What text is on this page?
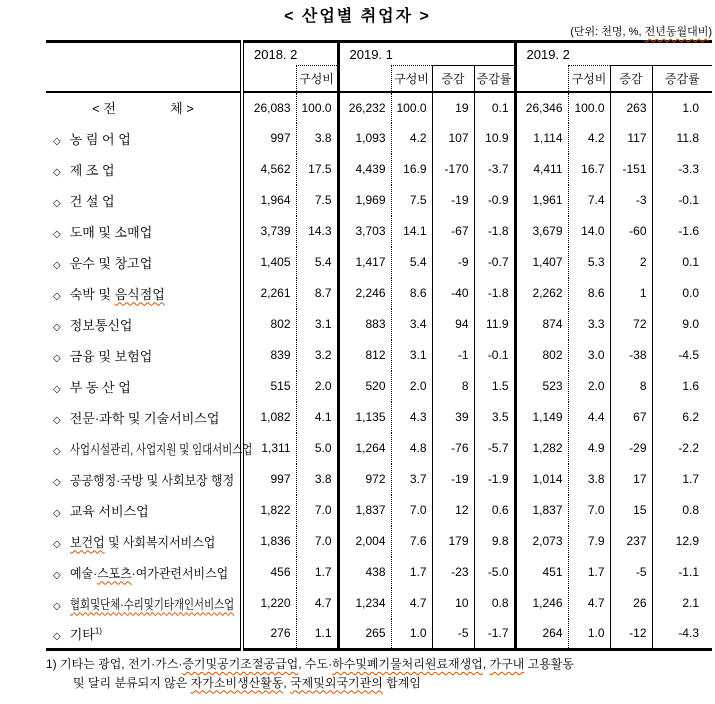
< 산업별 취업자 >
(단위: 천명, %, 전년동월대비)
	2018. 2		2019. 1				2019. 2			
		구성비		구성비	증감	증감률		구성비	증감	증감률
< 전               체 >	26,083	100.0	26,232	100.0	19	0.1	26,346	100.0	263	1.0
◇ 농 림 어 업	997	3.8	1,093	4.2	107	10.9	1,114	4.2	117	11.8
◇ 제 조 업	4,562	17.5	4,439	16.9	-170	-3.7	4,411	16.7	-151	-3.3
◇ 건 설 업	1,964	7.5	1,969	7.5	-19	-0.9	1,961	7.4	-3	-0.1
◇ 도매 및 소매업	3,739	14.3	3,703	14.1	-67	-1.8	3,679	14.0	-60	-1.6
◇ 운수 및 창고업	1,405	5.4	1,417	5.4	-9	-0.7	1,407	5.3	2	0.1
◇ 숙박 및 음식점업	2,261	8.7	2,246	8.6	-40	-1.8	2,262	8.6	1	0.0
◇ 정보통신업	802	3.1	883	3.4	94	11.9	874	3.3	72	9.0
◇ 금융 및 보험업	839	3.2	812	3.1	-1	-0.1	802	3.0	-38	-4.5
◇ 부 동 산 업	515	2.0	520	2.0	8	1.5	523	2.0	8	1.6
◇ 전문·과학 및 기술서비스업	1,082	4.1	1,135	4.3	39	3.5	1,149	4.4	67	6.2
◇ 사업시설관리, 사업지원 및 임대서비스업	1,311	5.0	1,264	4.8	-76	-5.7	1,282	4.9	-29	-2.2
◇ 공공행정·국방 및 사회보장 행정	997	3.8	972	3.7	-19	-1.9	1,014	3.8	17	1.7
◇ 교육 서비스업	1,822	7.0	1,837	7.0	12	0.6	1,837	7.0	15	0.8
◇ 보건업 및 사회복지서비스업	1,836	7.0	2,004	7.6	179	9.8	2,073	7.9	237	12.9
◇ 예술·스포츠·여가관련서비스업	456	1.7	438	1.7	-23	-5.0	451	1.7	-5	-1.1
◇ 협회및단체·수리및기타개인서비스업	1,220	4.7	1,234	4.7	10	0.8	1,246	4.7	26	2.1
◇ 기타$^{1)}$	276	1.1	265	1.0	-5	-1.7	264	1.0	-12	-4.3
1) 기타는 광업, 전기·가스·증기및공기조절공급업, 수도·하수및폐기물처리원료재생업, 가구내 고용활동
및 달리 분류되지 않은 자가소비생산활동, 국제및외국기관의 합계임
